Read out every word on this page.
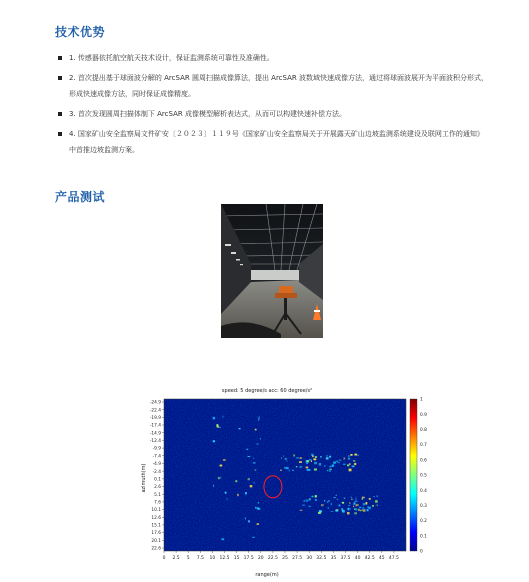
技术优势
1. 传感器依托航空航天技术设计，保证监测系统可靠性及准确性。
2. 首次提出基于球面波分解的 ArcSAR 圆周扫描成像算法，提出 ArcSAR 波数域快速成像方法，通过将球面波展开为平面波积分形式，形成快速成像方法，同时保证成像精度。
3. 首次发现圆周扫描体制下 ArcSAR 成像模型解析表达式，从而可以构建快速补偿方法。
4. 国家矿山安全监察局文件矿安〔２０２３〕１１９号《国家矿山安全监察局关于开展露天矿山边坡监测系统建设及联网工作的通知》中首推边坡监测方案。
产品测试
speed: 5 degree/s acc: 60 degree/s²
-24.9
-22.4
-19.9
-17.4
-14.9
-12.4
-9.9
-7.4
-4.9
-2.4
0.1
2.6
5.1
7.6
10.1
12.6
15.1
17.6
20.1
22.6
0 2.5 5 7.5 10 12.5 15 17.5 20 22.5 25 27.5 30 32.5 35 37.5 40 42.5 45 47.5
0
0.1
0.2
0.3
0.4
0.5
0.6
0.7
0.8
0.9
1
range(m)
azimuth(m)
